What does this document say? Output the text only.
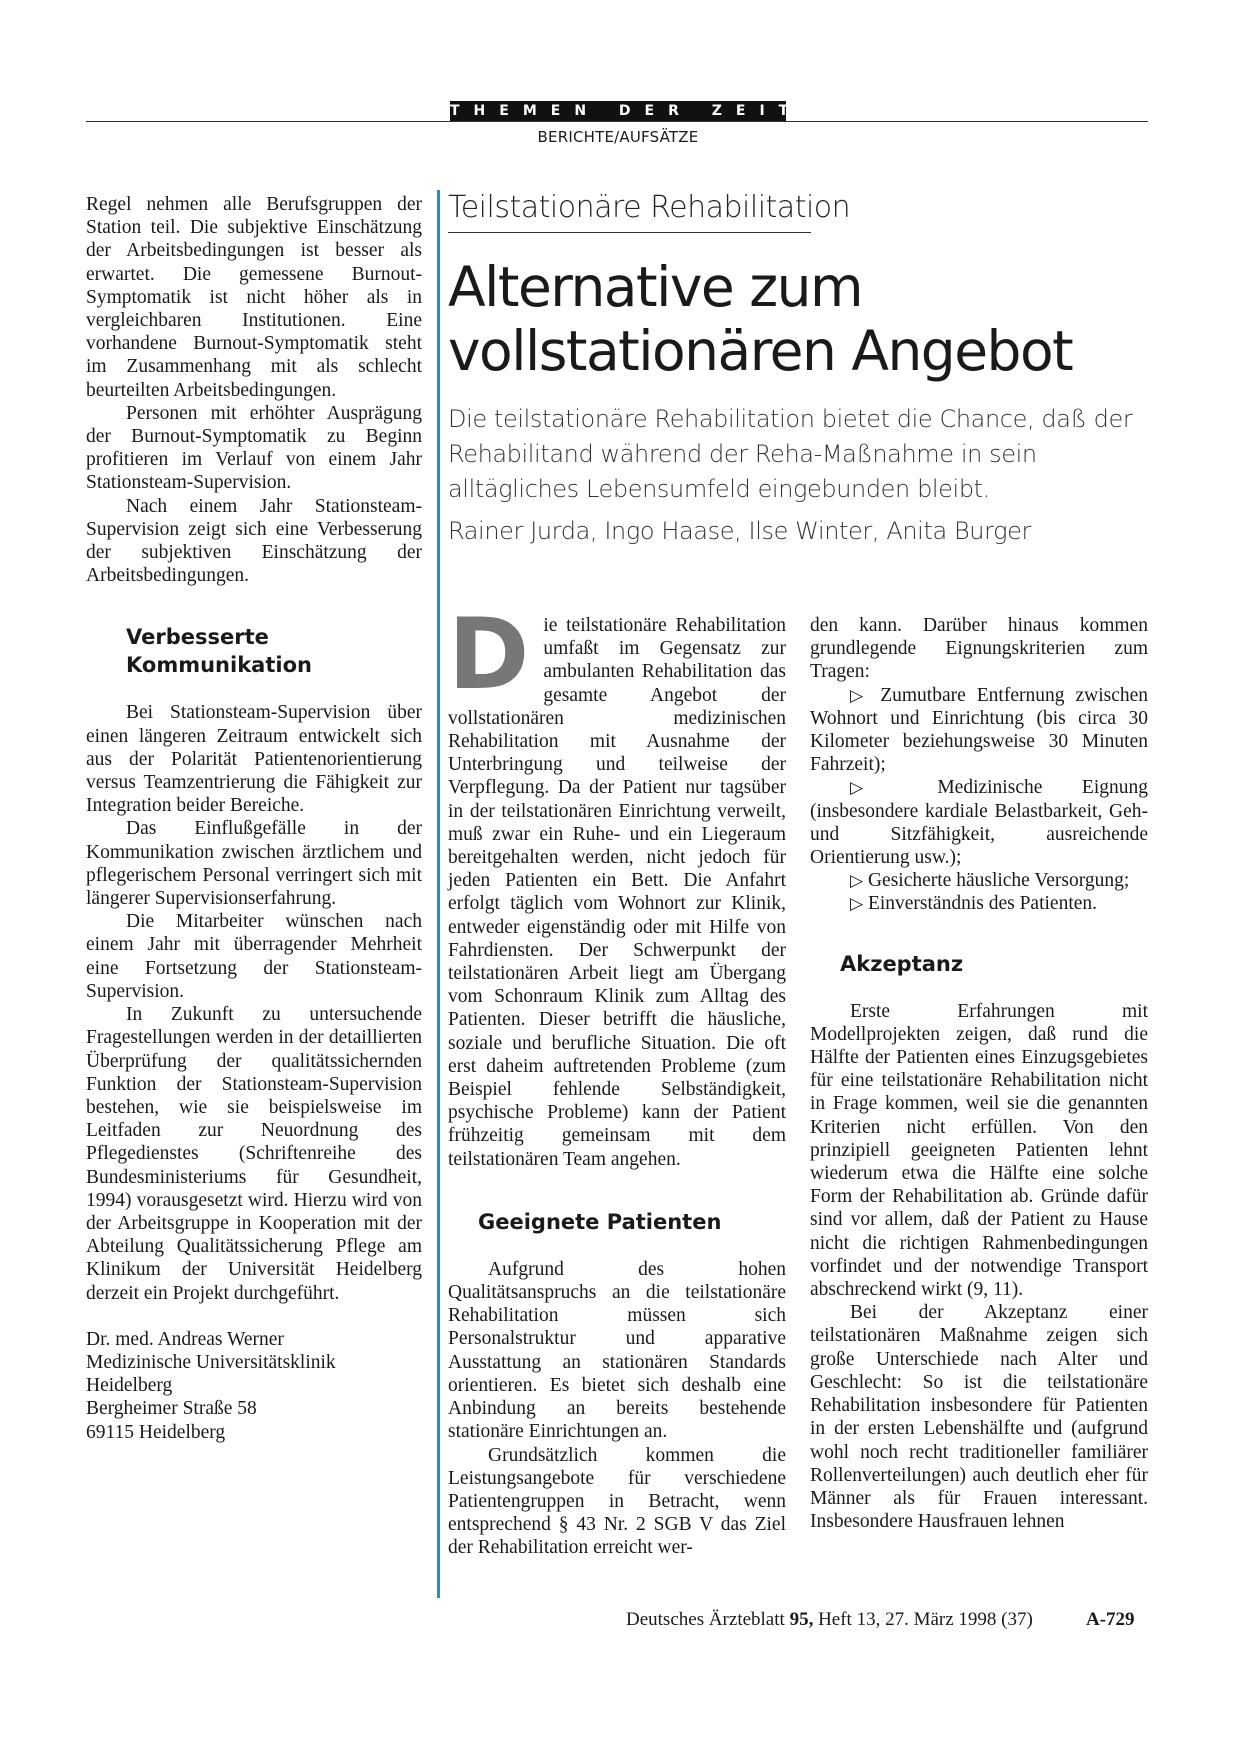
THEMEN DER ZEIT
BERICHTE/AUFSÄTZE

Regel nehmen alle Berufsgruppen der Station teil. Die subjektive Einschätzung der Arbeitsbedingungen ist besser als erwartet. Die gemessene Burnout-Symptomatik ist nicht höher als in vergleichbaren Institutionen. Eine vorhandene Burnout-Symptomatik steht im Zusammenhang mit als schlecht beurteilten Arbeitsbedingungen.

Personen mit erhöhter Ausprägung der Burnout-Symptomatik zu Beginn profitieren im Verlauf von einem Jahr Stationsteam-Supervision.

Nach einem Jahr Stationsteam-Supervision zeigt sich eine Verbesserung der subjektiven Einschätzung der Arbeitsbedingungen.

Verbesserte Kommunikation

Bei Stationsteam-Supervision über einen längeren Zeitraum entwickelt sich aus der Polarität Patientenorientierung versus Teamzentrierung die Fähigkeit zur Integration beider Bereiche.

Das Einflußgefälle in der Kommunikation zwischen ärztlichem und pflegerischem Personal verringert sich mit längerer Supervisionserfahrung.

Die Mitarbeiter wünschen nach einem Jahr mit überragender Mehrheit eine Fortsetzung der Stationsteam-Supervision.

In Zukunft zu untersuchende Fragestellungen werden in der detaillierten Überprüfung der qualitätssichernden Funktion der Stationsteam-Supervision bestehen, wie sie beispielsweise im Leitfaden zur Neuordnung des Pflegedienstes (Schriftenreihe des Bundesministeriums für Gesundheit, 1994) vorausgesetzt wird. Hierzu wird von der Arbeitsgruppe in Kooperation mit der Abteilung Qualitätssicherung Pflege am Klinikum der Universität Heidelberg derzeit ein Projekt durchgeführt.

Dr. med. Andreas Werner
Medizinische Universitätsklinik
Heidelberg
Bergheimer Straße 58
69115 Heidelberg
Teilstationäre Rehabilitation
Alternative zum
vollstationären Angebot
Die teilstationäre Rehabilitation bietet die Chance, daß der Rehabilitand während der Reha-Maßnahme in sein alltägliches Lebensumfeld eingebunden bleibt.
Rainer Jurda, Ingo Haase, Ilse Winter, Anita Burger

Die teilstationäre Rehabilitation umfaßt im Gegensatz zur ambulanten Rehabilitation das gesamte Angebot der vollstationären medizinischen Rehabilitation mit Ausnahme der Unterbringung und teilweise der Verpflegung. Da der Patient nur tagsüber in der teilstationären Einrichtung verweilt, muß zwar ein Ruhe- und ein Liegeraum bereitgehalten werden, nicht jedoch für jeden Patienten ein Bett. Die Anfahrt erfolgt täglich vom Wohnort zur Klinik, entweder eigenständig oder mit Hilfe von Fahrdiensten. Der Schwerpunkt der teilstationären Arbeit liegt am Übergang vom Schonraum Klinik zum Alltag des Patienten. Dieser betrifft die häusliche, soziale und berufliche Situation. Die oft erst daheim auftretenden Probleme (zum Beispiel fehlende Selbständigkeit, psychische Probleme) kann der Patient frühzeitig gemeinsam mit dem teilstationären Team angehen.

Geeignete Patienten

Aufgrund des hohen Qualitätsanspruchs an die teilstationäre Rehabilitation müssen sich Personalstruktur und apparative Ausstattung an stationären Standards orientieren. Es bietet sich deshalb eine Anbindung an bereits bestehende stationäre Einrichtungen an.

Grundsätzlich kommen die Leistungsangebote für verschiedene Patientengruppen in Betracht, wenn entsprechend § 43 Nr. 2 SGB V das Ziel der Rehabilitation erreicht wer-

den kann. Darüber hinaus kommen grundlegende Eignungskriterien zum Tragen:

▷ Zumutbare Entfernung zwischen Wohnort und Einrichtung (bis circa 30 Kilometer beziehungsweise 30 Minuten Fahrzeit);

▷ Medizinische Eignung (insbesondere kardiale Belastbarkeit, Geh- und Sitzfähigkeit, ausreichende Orientierung usw.);

▷ Gesicherte häusliche Versorgung;

▷ Einverständnis des Patienten.

Akzeptanz

Erste Erfahrungen mit Modellprojekten zeigen, daß rund die Hälfte der Patienten eines Einzugsgebietes für eine teilstationäre Rehabilitation nicht in Frage kommen, weil sie die genannten Kriterien nicht erfüllen. Von den prinzipiell geeigneten Patienten lehnt wiederum etwa die Hälfte eine solche Form der Rehabilitation ab. Gründe dafür sind vor allem, daß der Patient zu Hause nicht die richtigen Rahmenbedingungen vorfindet und der notwendige Transport abschreckend wirkt (9, 11).

Bei der Akzeptanz einer teilstationären Maßnahme zeigen sich große Unterschiede nach Alter und Geschlecht: So ist die teilstationäre Rehabilitation insbesondere für Patienten in der ersten Lebenshälfte und (aufgrund wohl noch recht traditioneller familiärer Rollenverteilungen) auch deutlich eher für Männer als für Frauen interessant. Insbesondere Hausfrauen lehnen

Deutsches Ärzteblatt 95, Heft 13, 27. März 1998 (37)	A-729
